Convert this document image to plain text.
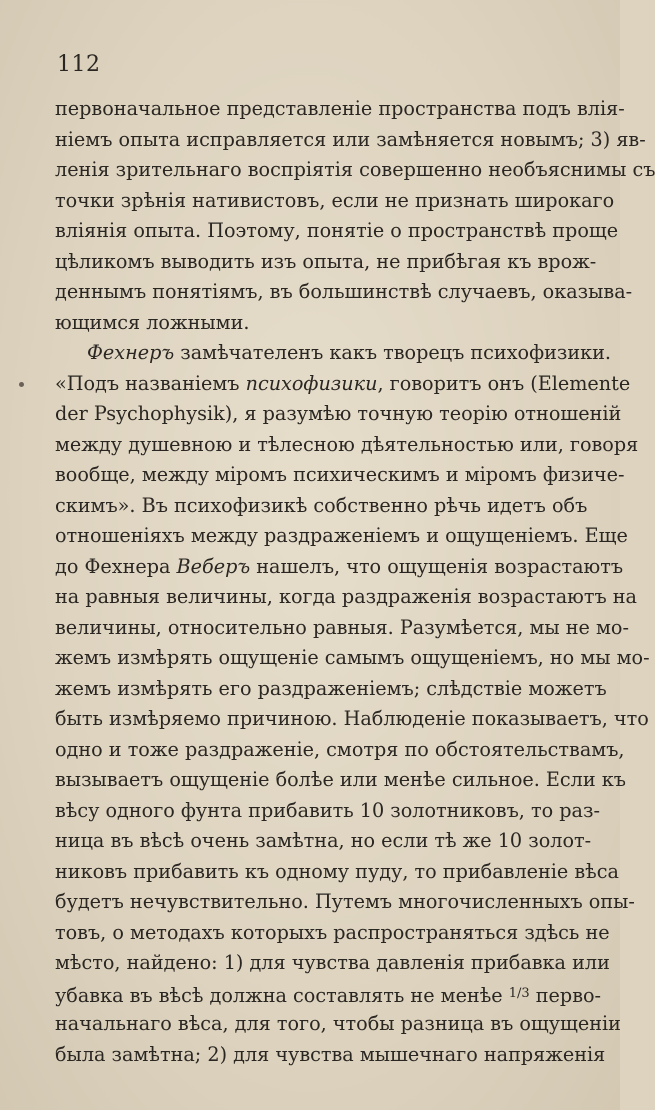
112
первоначальное представленіе пространства подъ влія-
ніемъ опыта исправляется или замѣняется новымъ; 3) яв-
ленія зрительнаго воспріятія совершенно необъяснимы съ
точки зрѣнія нативистовъ, если не признать широкаго
вліянія опыта. Поэтому, понятіе о пространствѣ проще
цѣликомъ выводить изъ опыта, не прибѣгая къ врож-
деннымъ понятіямъ, въ большинствѣ случаевъ, оказыва-
ющимся ложными.
Фехнеръ замѣчателенъ какъ творецъ психофизики.
«Подъ названіемъ психофизики, говоритъ онъ (Elemente
der Psychophysik), я разумѣю точную теорію отношеній
между душевною и тѣлесною дѣятельностью или, говоря
вообще, между міромъ психическимъ и міромъ физиче-
скимъ». Въ психофизикѣ собственно рѣчь идетъ объ
отношеніяхъ между раздраженіемъ и ощущеніемъ. Еще
до Фехнера Веберъ нашелъ, что ощущенія возрастаютъ
на равныя величины, когда раздраженія возрастаютъ на
величины, относительно равныя. Разумѣется, мы не мо-
жемъ измѣрять ощущеніе самымъ ощущеніемъ, но мы мо-
жемъ измѣрять его раздраженіемъ; слѣдствіе можетъ
быть измѣряемо причиною. Наблюденіе показываетъ, что
одно и тоже раздраженіе, смотря по обстоятельствамъ,
вызываетъ ощущеніе болѣе или менѣе сильное. Если къ
вѣсу одного фунта прибавить 10 золотниковъ, то раз-
ница въ вѣсѣ очень замѣтна, но если тѣ же 10 золот-
никовъ прибавить къ одному пуду, то прибавленіе вѣса
будетъ нечувствительно. Путемъ многочисленныхъ опы-
товъ, о методахъ которыхъ распространяться здѣсь не
мѣсто, найдено: 1) для чувства давленія прибавка или
убавка въ вѣсѣ должна составлять не менѣе $^{1/3}$ перво-
начальнаго вѣса, для того, чтобы разница въ ощущеніи
была замѣтна; 2) для чувства мышечнаго напряженія
